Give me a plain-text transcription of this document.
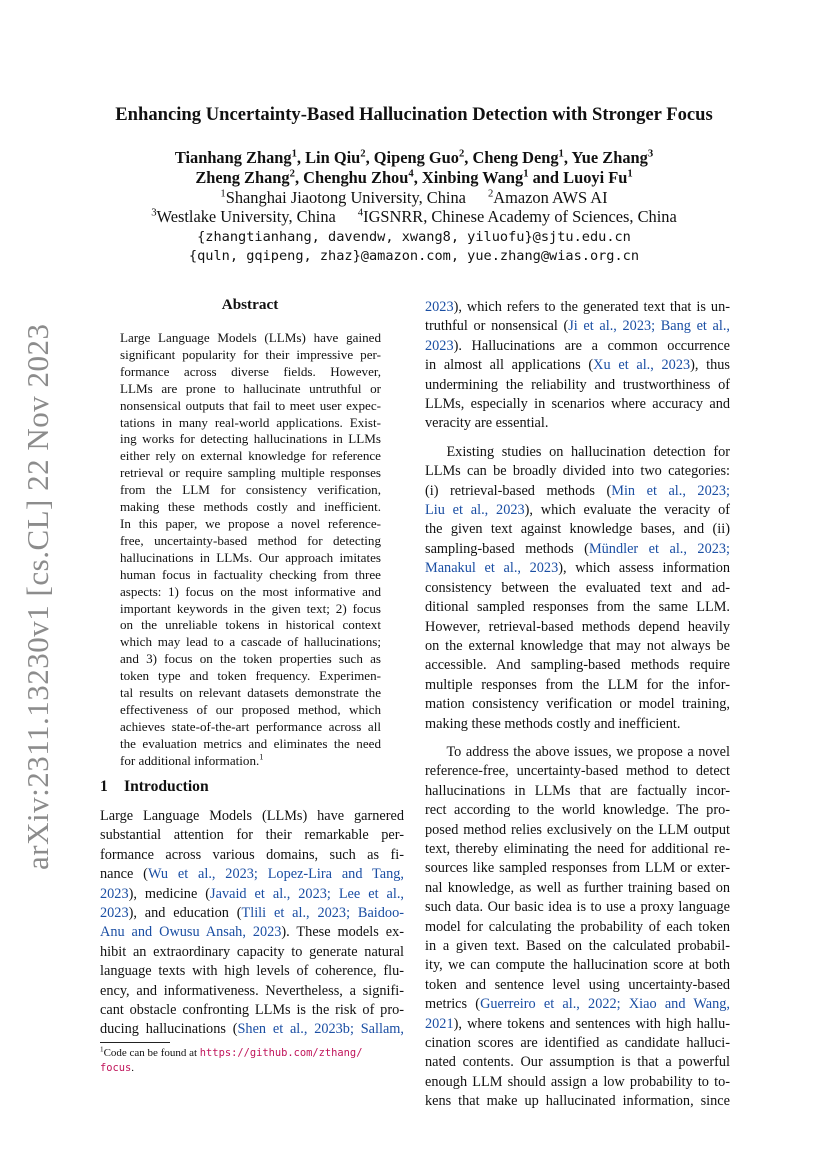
arXiv:2311.13230v1 [cs.CL] 22 Nov 2023
Enhancing Uncertainty-Based Hallucination Detection with Stronger Focus
Tianhang Zhang$^1$, Lin Qiu$^2$, Qipeng Guo$^2$, Cheng Deng$^1$, Yue Zhang$^3$
Zheng Zhang$^2$, Chenghu Zhou$^4$, Xinbing Wang$^1$ and Luoyi Fu$^1$
$^1$Shanghai Jiaotong University, China $^2$Amazon AWS AI
$^3$Westlake University, China $^4$IGSNRR, Chinese Academy of Sciences, China
{zhangtianhang, davendw, xwang8, yiluofu}@sjtu.edu.cn
{quln, gqipeng, zhaz}@amazon.com, yue.zhang@wias.org.cn
Abstract
Large Language Models (LLMs) have gained
significant popularity for their impressive per-
formance across diverse fields. However,
LLMs are prone to hallucinate untruthful or
nonsensical outputs that fail to meet user expec-
tations in many real-world applications. Exist-
ing works for detecting hallucinations in LLMs
either rely on external knowledge for reference
retrieval or require sampling multiple responses
from the LLM for consistency verification,
making these methods costly and inefficient.
In this paper, we propose a novel reference-
free, uncertainty-based method for detecting
hallucinations in LLMs. Our approach imitates
human focus in factuality checking from three
aspects: 1) focus on the most informative and
important keywords in the given text; 2) focus
on the unreliable tokens in historical context
which may lead to a cascade of hallucinations;
and 3) focus on the token properties such as
token type and token frequency. Experimen-
tal results on relevant datasets demonstrate the
effectiveness of our proposed method, which
achieves state-of-the-art performance across all
the evaluation metrics and eliminates the need
for additional information.$^1$
1 Introduction
Large Language Models (LLMs) have garnered
substantial attention for their remarkable per-
formance across various domains, such as fi-
nance (Wu et al., 2023; Lopez-Lira and Tang,
2023), medicine (Javaid et al., 2023; Lee et al.,
2023), and education (Tlili et al., 2023; Baidoo-
Anu and Owusu Ansah, 2023). These models ex-
hibit an extraordinary capacity to generate natural
language texts with high levels of coherence, flu-
ency, and informativeness. Nevertheless, a signifi-
cant obstacle confronting LLMs is the risk of pro-
ducing hallucinations (Shen et al., 2023b; Sallam,
2023), which refers to the generated text that is un-
truthful or nonsensical (Ji et al., 2023; Bang et al.,
2023). Hallucinations are a common occurrence
in almost all applications (Xu et al., 2023), thus
undermining the reliability and trustworthiness of
LLMs, especially in scenarios where accuracy and
veracity are essential.
  Existing studies on hallucination detection for
LLMs can be broadly divided into two categories:
(i) retrieval-based methods (Min et al., 2023;
Liu et al., 2023), which evaluate the veracity of
the given text against knowledge bases, and (ii)
sampling-based methods (Mündler et al., 2023;
Manakul et al., 2023), which assess information
consistency between the evaluated text and ad-
ditional sampled responses from the same LLM.
However, retrieval-based methods depend heavily
on the external knowledge that may not always be
accessible. And sampling-based methods require
multiple responses from the LLM for the infor-
mation consistency verification or model training,
making these methods costly and inefficient.
  To address the above issues, we propose a novel
reference-free, uncertainty-based method to detect
hallucinations in LLMs that are factually incor-
rect according to the world knowledge. The pro-
posed method relies exclusively on the LLM output
text, thereby eliminating the need for additional re-
sources like sampled responses from LLM or exter-
nal knowledge, as well as further training based on
such data. Our basic idea is to use a proxy language
model for calculating the probability of each token
in a given text. Based on the calculated probabil-
ity, we can compute the hallucination score at both
token and sentence level using uncertainty-based
metrics (Guerreiro et al., 2022; Xiao and Wang,
2021), where tokens and sentences with high hallu-
cination scores are identified as candidate halluci-
nated contents. Our assumption is that a powerful
enough LLM should assign a low probability to to-
kens that make up hallucinated information, since
$^1$Code can be found at https://github.com/zthang/
focus.
